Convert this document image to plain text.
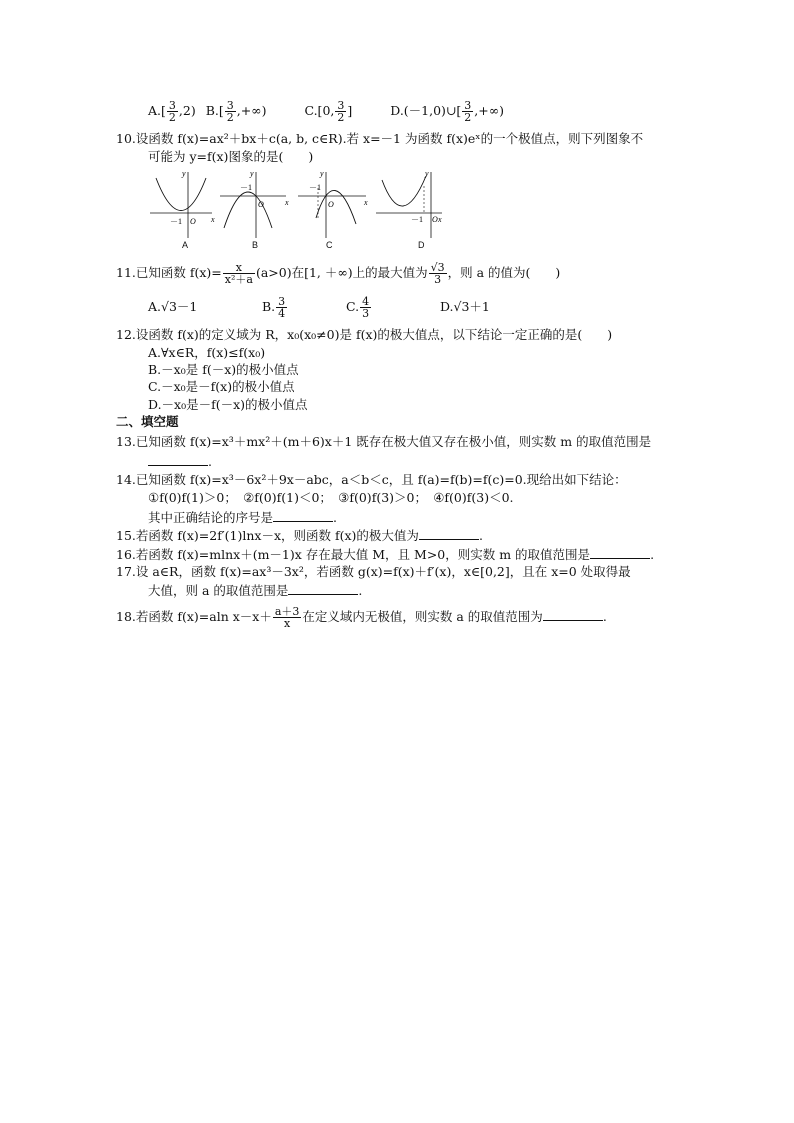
$A.[ \frac{3}{2} ,2)$ $B.[ \frac{3}{2}$ ,+∞)	C.[0, $\frac{3}{2}$ ]	D.(－1,0)∪[ $\frac{3}{2}$ ,+∞)
10.设函数 f(x)=ax²＋bx＋c(a, b, c∈R).若 x=－1 为函数 f(x)eˣ的一个极值点，则下列图象不
可能为 y=f(x)图象的是(　　)
x
y
O
－1
x
y
O
－1
x
y
O
－1
x
y
O
－1
A	B	C	D
11.已知函数 $f(x)= \frac{x}{\text{x²＋a}} (a>0)$在[1, ＋∞)上的最大值为 $\frac{√3}{3}$ ，则 a 的值为(　　)
A.√3－1	B. $\frac{3}{4}$	C. $\frac{4}{3}$	D.√3＋1
12.设函数 f(x)的定义域为 R，x₀(x₀≠0)是 f(x)的极大值点，以下结论一定正确的是(　　)
A.∀x∈R，f(x)≤f(x₀)
B.－x₀是 f(－x)的极小值点
C.－x₀是－f(x)的极小值点
D.－x₀是－f(－x)的极小值点
二、填空题
13.已知函数 f(x)=x³＋mx²＋(m＋6)x＋1 既存在极大值又存在极小值，则实数 m 的取值范围是
.
14.已知函数 f(x)=x³－6x²＋9x－abc，a＜b＜c，且 f(a)=f(b)=f(c)=0.现给出如下结论：
①f(0)f(1)＞0；　②f(0)f(1)＜0；　③f(0)f(3)＞0；　④f(0)f(3)＜0.
其中正确结论的序号是	.
15.若函数 f(x)=2f′(1)lnx－x，则函数 f(x)的极大值为	.
16.若函数 f(x)=mlnx＋(m－1)x 存在最大值 M，且 M>0，则实数 m 的取值范围是	.
17.设 a∈R，函数 f(x)=ax³－3x²，若函数 g(x)=f(x)＋f′(x)，x∈[0,2]，且在 x=0 处取得最
大值，则 a 的取值范围是	.
18.若函数 f(x)=aln $x-x+ \frac{a+3}{x}$ 在定义域内无极值，则实数 a 的取值范围为	.
